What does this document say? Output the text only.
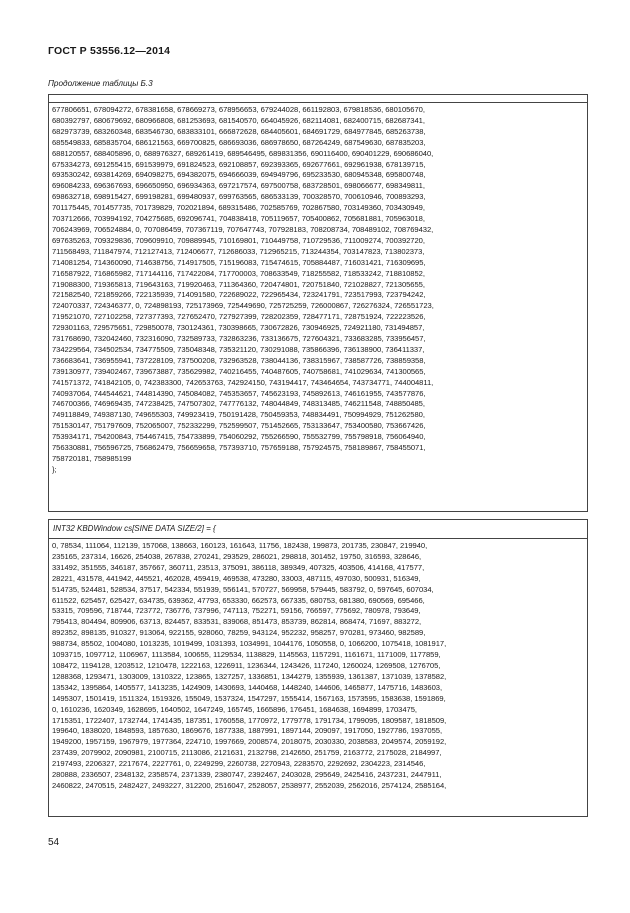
ГОСТ Р 53556.12—2014
Продолжение таблицы Б.3
677806651, 678094272, 678381658, 678669273, 678956653, 679244028, 661192803, 679818536, 680105670,
680392797, 680679692, 680966808, 681253693, 681540570, 664045926, 682114081, 682400715, 682687341,
682973739, 683260348, 683546730, 683833101, 666872628, 684405601, 684691729, 684977845, 685263738,
685549833, 685835704, 686121563, 669700825, 686693036, 686978650, 687264249, 687549630, 687835203,
688120557, 688405896, 0, 688976327, 689261419, 689546495, 689831356, 690116400, 690401229, 690686040,
675334273, 691255415, 691539979, 691824523, 692108857, 692393365, 692677661, 692961938, 678139715,
693530242, 693814269, 694098275, 694382075, 694666039, 694949796, 695233530, 680945348, 695800748,
696084233, 696367693, 696650950, 696934363, 697217574, 697500758, 683728501, 698066677, 698349811,
698632718, 698915427, 699198281, 699480937, 699763565, 686533139, 700328570, 700610946, 700893293,
701175445, 701457735, 701739829, 702021894, 689315486, 702585769, 702867580, 703149360, 703430949,
703712666, 703994192, 704275685, 692096741, 704838418, 705119657, 705400862, 705681881, 705963018,
706243969, 706524884, 0, 707086459, 707367119, 707647743, 707928183, 708208734, 708489102, 708769432,
697635263, 709329836, 709609910, 709889945, 710169801, 710449758, 710729536, 711009274, 700392720,
711568493, 711847974, 712127413, 712406677, 712686033, 712965215, 713244354, 703147823, 713802373,
714081254, 714360090, 714638756, 714917505, 715196083, 715474615, 705884487, 716031421, 716309695,
716587922, 716865982, 717144116, 717422084, 717700003, 708633549, 718255582, 718533242, 718810852,
719088300, 719365813, 719643163, 719920463, 711364360, 720474801, 720751840, 721028827, 721305655,
721582540, 721859266, 722135939, 714091580, 722689022, 722965434, 723241791, 723517993, 723794242,
724070337, 724346377, 0, 724898193, 725173969, 725449690, 725725259, 726000867, 726276324, 726551723,
719521070, 727102258, 727377393, 727652470, 727927399, 728202359, 728477171, 728751924, 722223526,
729301163, 729575651, 729850078, 730124361, 730398665, 730672826, 730946925, 724921180, 731494857,
731768690, 732042460, 732316090, 732589733, 732863236, 733136675, 727604321, 733683285, 733956457,
734229564, 734502534, 734775509, 735048348, 735321120, 730291088, 735866396, 736138900, 736411337,
736683641, 736955941, 737228109, 737500208, 732963528, 738044136, 738315967, 738587726, 738859358,
739130977, 739402467, 739673887, 735629982, 740216455, 740487605, 740758681, 741029634, 741300565,
741571372, 741842105, 0, 742383300, 742653763, 742924150, 743194417, 743464654, 743734771, 744004811,
740937064, 744544621, 744814390, 745084082, 745353657, 745623193, 745892613, 746161955, 743577876,
746700366, 746969435, 747238425, 747507302, 747776132, 748044849, 748313485, 746211548, 748850485,
749118849, 749387130, 749655303, 749923419, 750191428, 750459353, 748834491, 750994929, 751262580,
751530147, 751797609, 752065007, 752332299, 752599507, 751452665, 753133647, 753400580, 753667426,
753934171, 754200843, 754467415, 754733899, 754060292, 755266590, 755532799, 755798918, 756064940,
756330881, 756596725, 756862479, 756659658, 757393710, 757659188, 757924575, 758189867, 758455071,
758720181, 758985199
};
INT32 KBDWindow cs[SINE DATA SIZE/2] = {
0, 78534, 111064, 112139, 157068, 138663, 160123, 161643, 11756, 182438, 199873, 201735, 230847, 219940,
235165, 237314, 16626, 254038, 267838, 270241, 293529, 286021, 298818, 301452, 19750, 316593, 328646,
331492, 351555, 346187, 357667, 360711, 23513, 375091, 386118, 389349, 407325, 403506, 414168, 417577,
28221, 431578, 441942, 445521, 462028, 459419, 469538, 473280, 33003, 487115, 497030, 500931, 516349,
514735, 524481, 528534, 37517, 542334, 551939, 556141, 570727, 569958, 579445, 583792, 0, 597645, 607034,
611522, 625457, 625427, 634735, 639362, 47793, 653330, 662573, 667335, 680753, 681380, 690569, 695466,
53315, 709596, 718744, 723772, 736776, 737996, 747113, 752271, 59156, 766597, 775692, 780978, 793649,
795413, 804494, 809906, 63713, 824457, 833531, 839068, 851473, 853739, 862814, 868474, 71697, 883272,
892352, 898135, 910327, 913064, 922155, 928060, 78259, 943124, 952232, 958257, 970281, 973460, 982589,
988734, 85502, 1004080, 1013235, 1019499, 1031393, 1034991, 1044176, 1050558, 0, 1066200, 1075418, 1081917,
1093715, 1097712, 1106967, 1113584, 100655, 1129534, 1138829, 1145563, 1157291, 1161671, 1171009, 1177859,
108472, 1194128, 1203512, 1210478, 1222163, 1226911, 1236344, 1243426, 117240, 1260024, 1269508, 1276705,
1288368, 1293471, 1303009, 1310322, 123865, 1327257, 1336851, 1344279, 1355939, 1361387, 1371039, 1378582,
135342, 1395864, 1405577, 1413235, 1424909, 1430693, 1440468, 1448240, 144606, 1465877, 1475716, 1483603,
1495307, 1501419, 1511324, 1519326, 155049, 1537324, 1547297, 1555414, 1567163, 1573595, 1583638, 1591869,
0, 1610236, 1620349, 1628695, 1640502, 1647249, 165745, 1665896, 176451, 1684638, 1694899, 1703475,
1715351, 1722407, 1732744, 1741435, 187351, 1760558, 1770972, 1779778, 1791734, 1799095, 1809587, 1818509,
199640, 1838020, 1848593, 1857630, 1869676, 1877338, 1887991, 1897144, 209097, 1917050, 1927786, 1937055,
1949200, 1957159, 1967979, 1977364, 224710, 1997669, 2008574, 2018075, 2030330, 2038583, 2049574, 2059192,
237439, 2079902, 2090981, 2100715, 2113086, 2121631, 2132798, 2142650, 251759, 2163772, 2175028, 2184997,
2197493, 2206327, 2217674, 2227761, 0, 2249299, 2260738, 2270943, 2283570, 2292692, 2304223, 2314546,
280888, 2336507, 2348132, 2358574, 2371339, 2380747, 2392467, 2403028, 295649, 2425416, 2437231, 2447911,
2460822, 2470515, 2482427, 2493227, 312200, 2516047, 2528057, 2538977, 2552039, 2562016, 2574124, 2585164,
54
